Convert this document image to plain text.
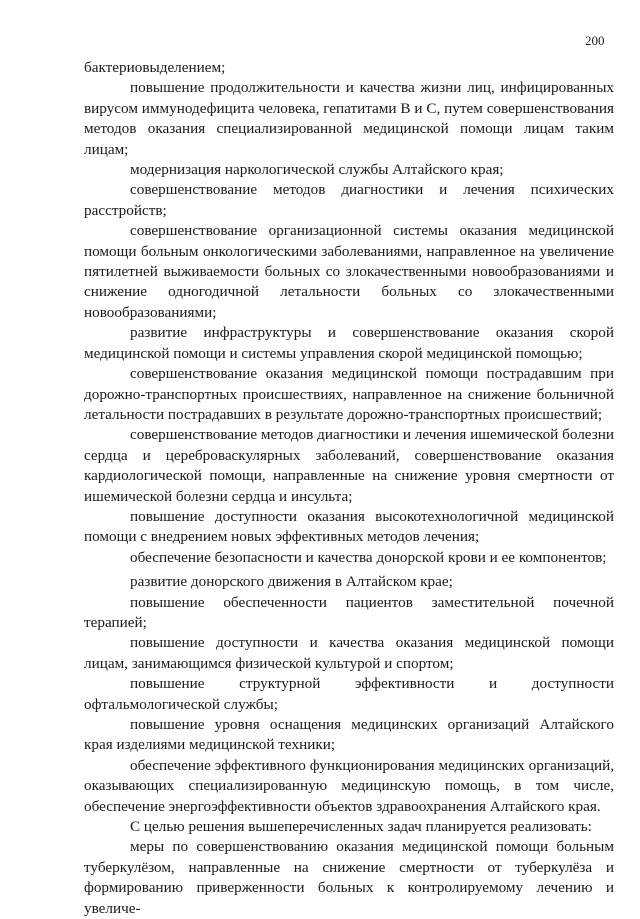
200

бактериовыделением;

повышение продолжительности и качества жизни лиц, инфицированных вирусом иммунодефицита человека, гепатитами В и С, путем совершенствования методов оказания специализированной медицинской помощи лицам таким лицам;

модернизация наркологической службы Алтайского края;

совершенствование методов диагностики и лечения психических расстройств;

совершенствование организационной системы оказания медицинской помощи больным онкологическими заболеваниями, направленное на увеличение пятилетней выживаемости больных со злокачественными новообразованиями и снижение одногодичной летальности больных со злокачественными новообразованиями;

развитие инфраструктуры и совершенствование оказания скорой медицинской помощи и системы управления скорой медицинской помощью;

совершенствование оказания медицинской помощи пострадавшим при дорожно-транспортных происшествиях, направленное на снижение больничной летальности пострадавших в результате дорожно-транспортных происшествий;

совершенствование методов диагностики и лечения ишемической болезни сердца и цереброваскулярных заболеваний, совершенствование оказания кардиологической помощи, направленные на снижение уровня смертности от ишемической болезни сердца и инсульта;

повышение доступности оказания высокотехнологичной медицинской помощи с внедрением новых эффективных методов лечения;

обеспечение безопасности и качества донорской крови и ее компонентов;

развитие донорского движения в Алтайском крае;

повышение обеспеченности пациентов заместительной почечной терапией;

повышение доступности и качества оказания медицинской помощи лицам, занимающимся физической культурой и спортом;

повышение структурной эффективности и доступности офтальмологической службы;

повышение уровня оснащения медицинских организаций Алтайского края изделиями медицинской техники;

обеспечение эффективного функционирования медицинских организаций, оказывающих специализированную медицинскую помощь, в том числе, обеспечение энергоэффективности объектов здравоохранения Алтайского края.

С целью решения вышеперечисленных задач планируется реализовать:

меры по совершенствованию оказания медицинской помощи больным туберкулёзом, направленные на снижение смертности от туберкулёза и формированию приверженности больных к контролируемому лечению и увеличе-
